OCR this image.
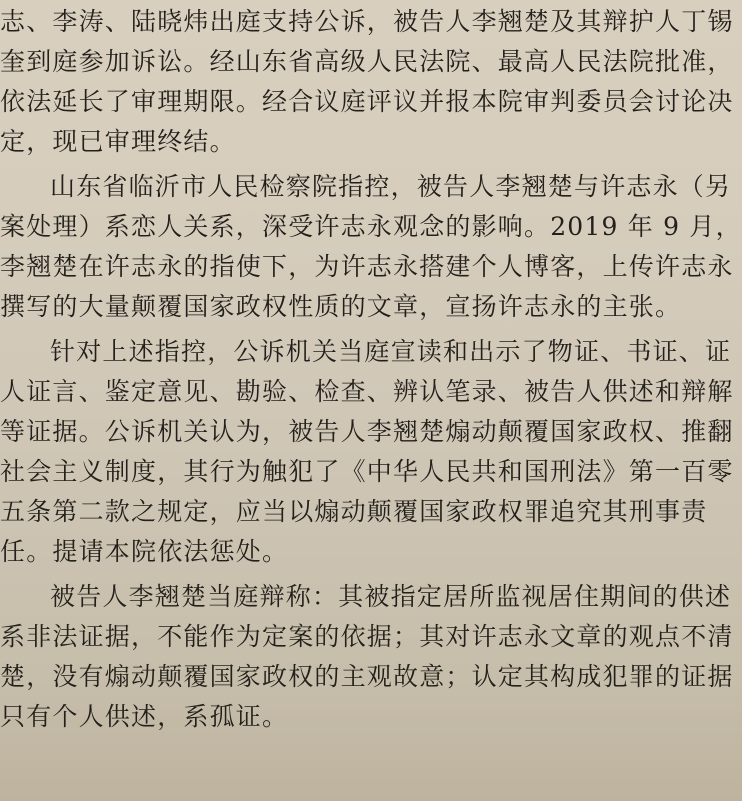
志、李涛、陆晓炜出庭支持公诉，被告人李翘楚及其辩护人丁锡
奎到庭参加诉讼。经山东省高级人民法院、最高人民法院批准，
依法延长了审理期限。经合议庭评议并报本院审判委员会讨论决
定，现已审理终结。
山东省临沂市人民检察院指控，被告人李翘楚与许志永（另
案处理）系恋人关系，深受许志永观念的影响。2019 年 9 月，
李翘楚在许志永的指使下，为许志永搭建个人博客，上传许志永
撰写的大量颠覆国家政权性质的文章，宣扬许志永的主张。
针对上述指控，公诉机关当庭宣读和出示了物证、书证、证
人证言、鉴定意见、勘验、检查、辨认笔录、被告人供述和辩解
等证据。公诉机关认为，被告人李翘楚煽动颠覆国家政权、推翻
社会主义制度，其行为触犯了《中华人民共和国刑法》第一百零
五条第二款之规定，应当以煽动颠覆国家政权罪追究其刑事责
任。提请本院依法惩处。
被告人李翘楚当庭辩称：其被指定居所监视居住期间的供述
系非法证据，不能作为定案的依据；其对许志永文章的观点不清
楚，没有煽动颠覆国家政权的主观故意；认定其构成犯罪的证据
只有个人供述，系孤证。
